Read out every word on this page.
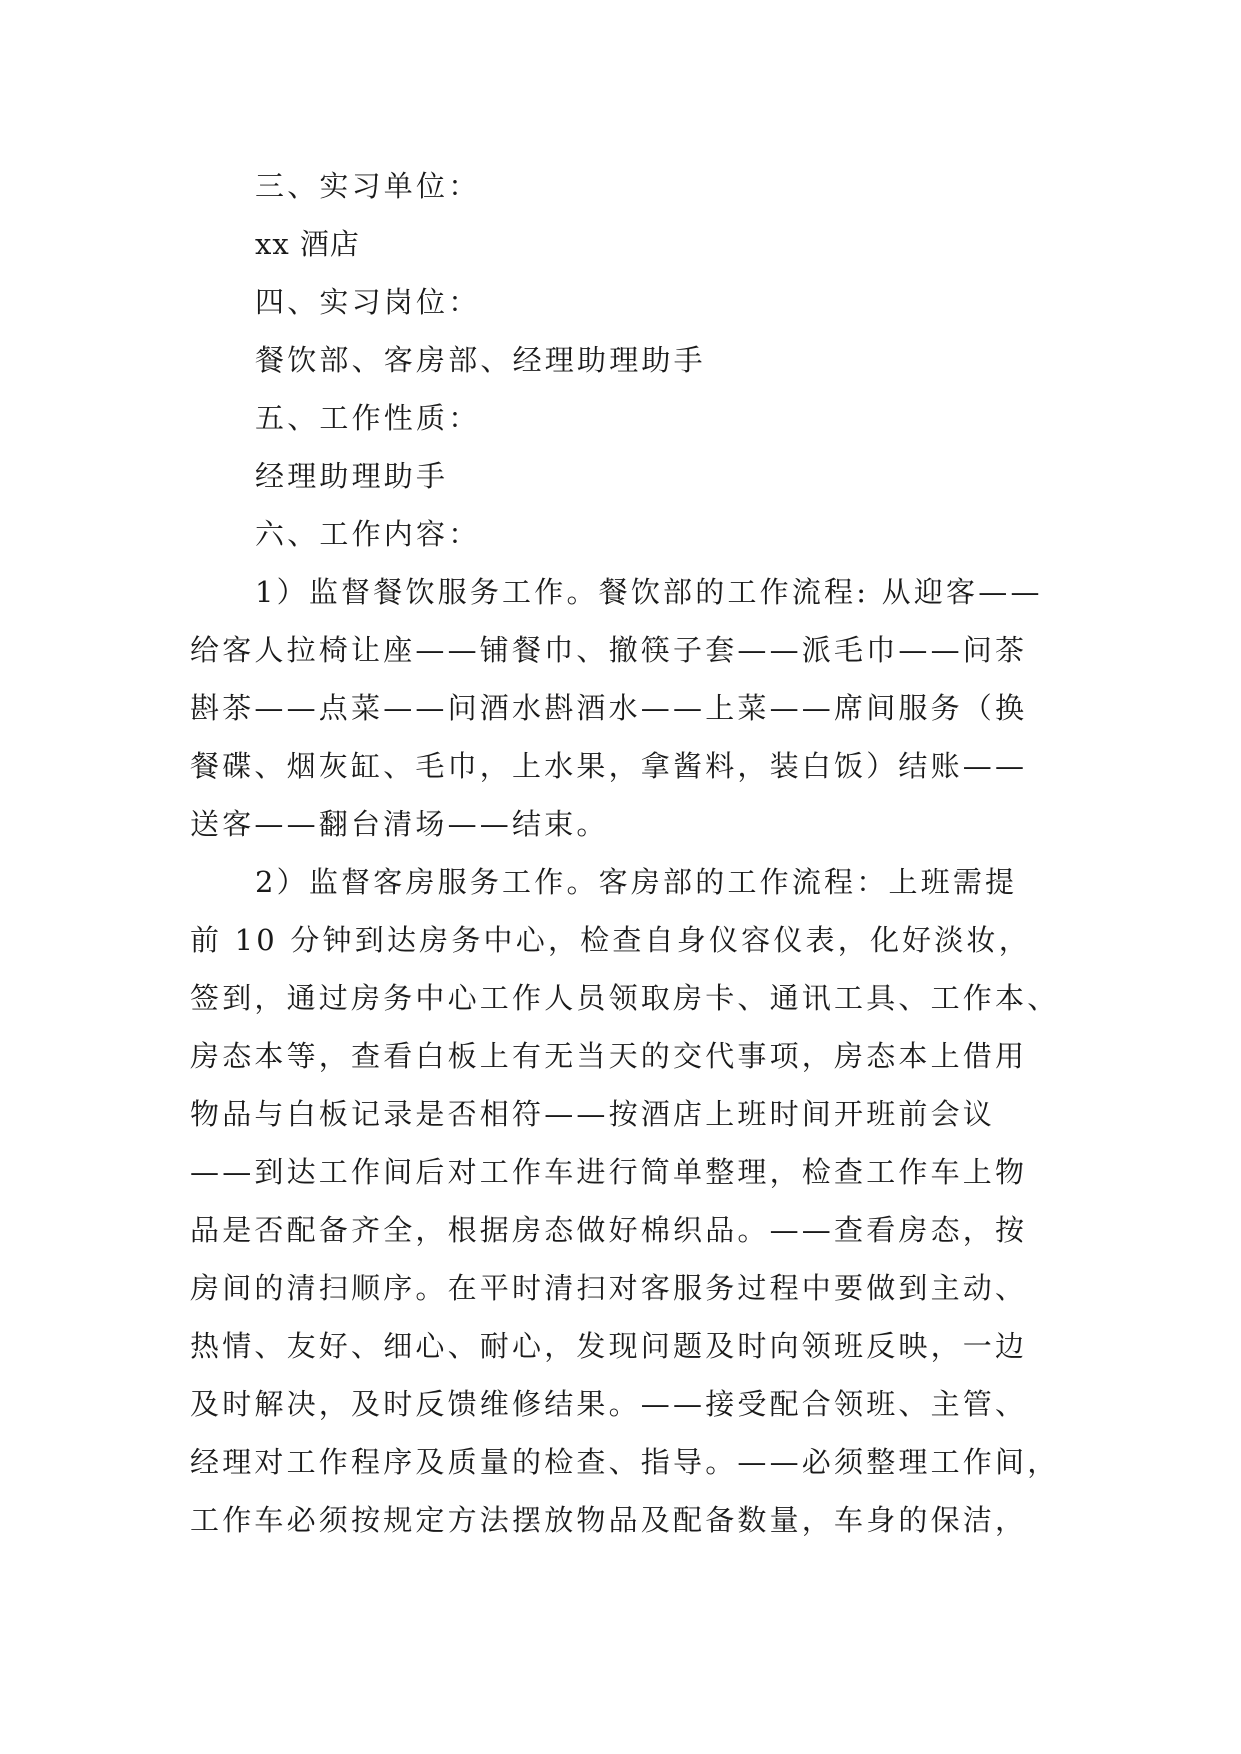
三、实习单位：

xx 酒店

四、实习岗位：

餐饮部、客房部、经理助理助手

五、工作性质：

经理助理助手

六、工作内容：

1）监督餐饮服务工作。餐饮部的工作流程: 从迎客——

给客人拉椅让座——铺餐巾、撤筷子套——派毛巾——问茶

斟茶——点菜——问酒水斟酒水——上菜——席间服务（换

餐碟、烟灰缸、毛巾，上水果，拿酱料，装白饭）结账——

送客——翻台清场——结束。

2）监督客房服务工作。客房部的工作流程：上班需提

前 10 分钟到达房务中心，检查自身仪容仪表，化好淡妆，

签到，通过房务中心工作人员领取房卡、通讯工具、工作本、

房态本等，查看白板上有无当天的交代事项，房态本上借用

物品与白板记录是否相符——按酒店上班时间开班前会议

——到达工作间后对工作车进行简单整理，检查工作车上物

品是否配备齐全，根据房态做好棉织品。——查看房态，按

房间的清扫顺序。在平时清扫对客服务过程中要做到主动、

热情、友好、细心、耐心，发现问题及时向领班反映，一边

及时解决，及时反馈维修结果。——接受配合领班、主管、

经理对工作程序及质量的检查、指导。——必须整理工作间，

工作车必须按规定方法摆放物品及配备数量，车身的保洁，
